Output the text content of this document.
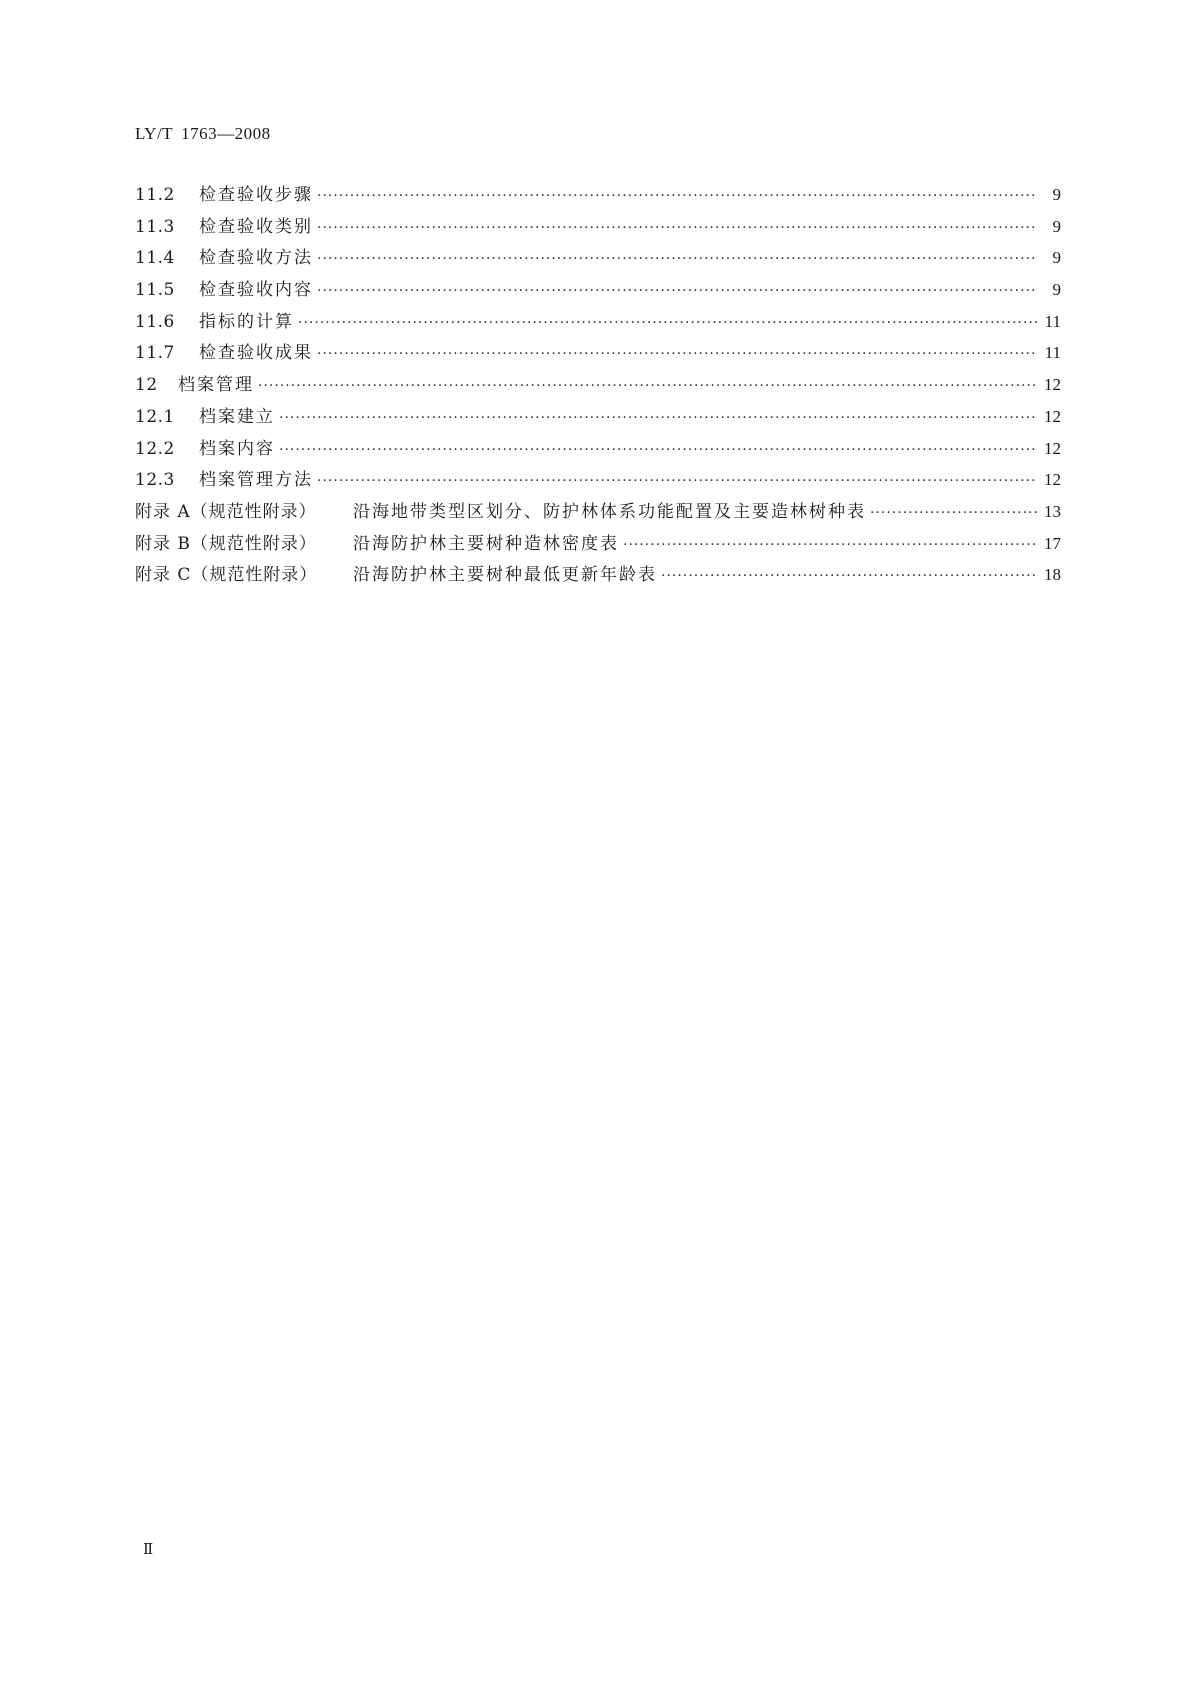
LY/T 1763—2008
11.2	检查验收步骤 ·····	9
11.3	检查验收类别 ·····	9
11.4	检查验收方法 ·····	9
11.5	检查验收内容 ·····	9
11.6	指标的计算 ·····	11
11.7	检查验收成果 ·····	11
12	档案管理 ·····	12
12.1	档案建立 ·····	12
12.2	档案内容 ·····	12
12.3	档案管理方法 ·····	12
附录 A（规范性附录）	沿海地带类型区划分、防护林体系功能配置及主要造林树种表 ·····	13
附录 B（规范性附录）	沿海防护林主要树种造林密度表 ·····	17
附录 C（规范性附录）	沿海防护林主要树种最低更新年龄表 ·····	18
Ⅱ
